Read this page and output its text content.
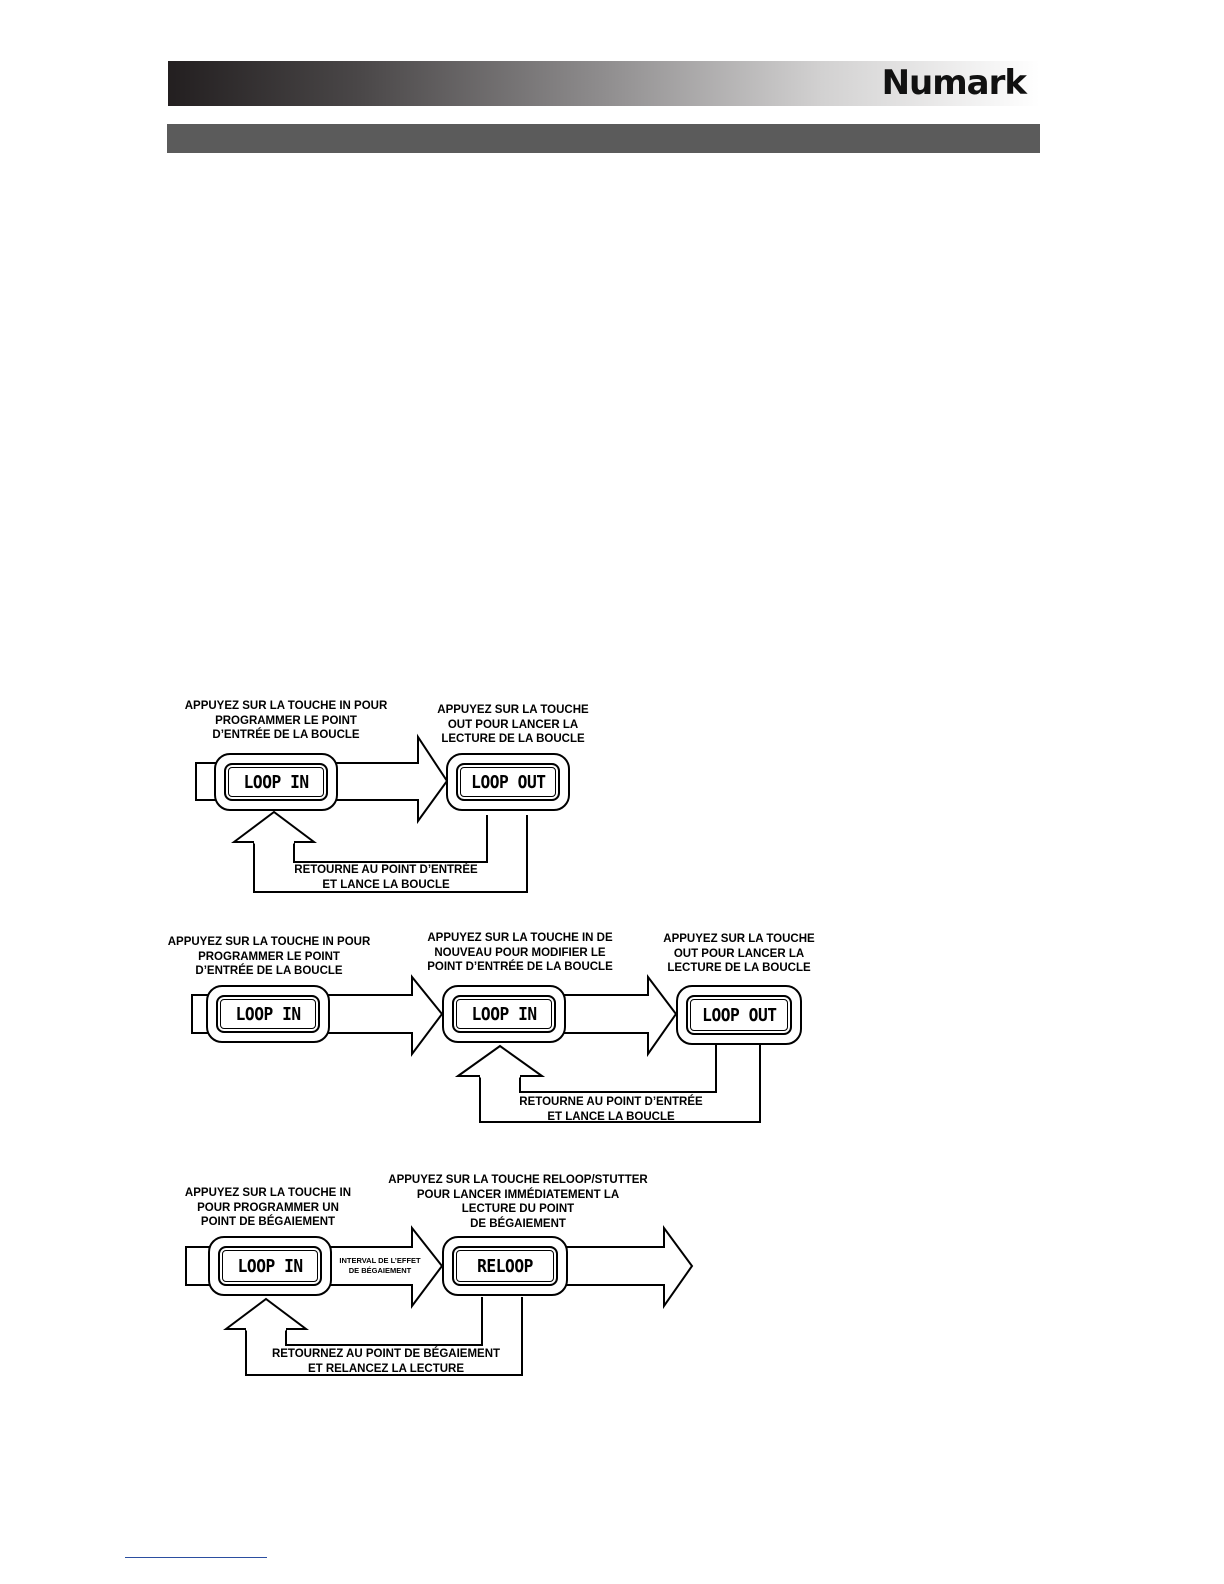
Numark
APPUYEZ SUR LA TOUCHE IN POUR
PROGRAMMER LE POINT
D’ENTRÉE DE LA BOUCLE
APPUYEZ SUR LA TOUCHE
OUT POUR LANCER LA
LECTURE DE LA BOUCLE
LOOP IN	LOOP OUT
RETOURNE AU POINT D’ENTRÉE
ET LANCE LA BOUCLE
APPUYEZ SUR LA TOUCHE IN POUR
PROGRAMMER LE POINT
D’ENTRÉE DE LA BOUCLE
APPUYEZ SUR LA TOUCHE IN DE
NOUVEAU POUR MODIFIER LE
POINT D’ENTRÉE DE LA BOUCLE
APPUYEZ SUR LA TOUCHE
OUT POUR LANCER LA
LECTURE DE LA BOUCLE
LOOP IN	LOOP IN	LOOP OUT
RETOURNE AU POINT D’ENTRÉE
ET LANCE LA BOUCLE
APPUYEZ SUR LA TOUCHE IN
POUR PROGRAMMER UN
POINT DE BÉGAIEMENT
APPUYEZ SUR LA TOUCHE RELOOP/STUTTER
POUR LANCER IMMÉDIATEMENT LA
LECTURE DU POINT
DE BÉGAIEMENT
LOOP IN	RELOOP
INTERVAL DE L’EFFET
DE BÉGAIEMENT
RETOURNEZ AU POINT DE BÉGAIEMENT
ET RELANCEZ LA LECTURE
